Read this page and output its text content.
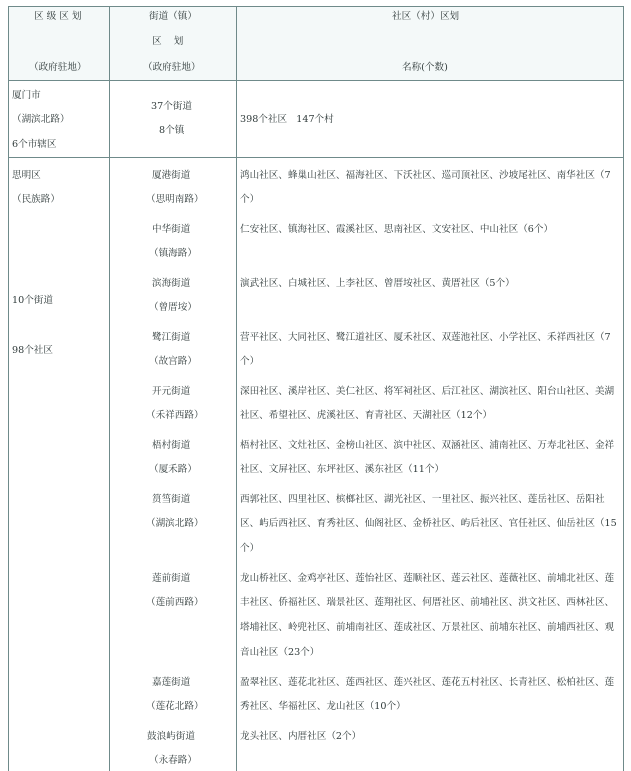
区 级 区 划
（政府驻地）
街道（镇）
区    划
（政府驻地）
社区（村）区划
名称(个数)
厦门市
（湖滨北路）
6个市辖区
37个街道
8个镇
398个社区   147个村
思明区
（民族路）
10个街道
98个社区
厦港街道
（思明南路）
鸿山社区、蜂巢山社区、福海社区、下沃社区、巡司顶社区、沙坡尾社区、南华社区（7
个）
中华街道
（镇海路）
仁安社区、镇海社区、霞溪社区、思南社区、文安社区、中山社区（6个）
滨海街道
（曾厝垵）
演武社区、白城社区、上李社区、曾厝垵社区、黄厝社区（5个）
鹭江街道
（故宫路）
营平社区、大同社区、鹭江道社区、厦禾社区、双莲池社区、小学社区、禾祥西社区（7
个）
开元街道
（禾祥西路）
深田社区、溪岸社区、美仁社区、将军祠社区、后江社区、湖滨社区、阳台山社区、美湖
社区、希望社区、虎溪社区、育青社区、天湖社区（12个）
梧村街道
（厦禾路）
梧村社区、文灶社区、金榜山社区、滨中社区、双涵社区、浦南社区、万寿北社区、金祥
社区、文屏社区、东坪社区、溪东社区（11个）
筼筜街道
（湖滨北路）
西郭社区、四里社区、槟榔社区、湖光社区、一里社区、振兴社区、莲岳社区、岳阳社
区、屿后西社区、育秀社区、仙阁社区、金桥社区、屿后社区、官任社区、仙岳社区（15
个）
莲前街道
（莲前西路）
龙山桥社区、金鸡亭社区、莲怡社区、莲顺社区、莲云社区、莲薇社区、前埔北社区、莲
丰社区、侨福社区、瑞景社区、莲翔社区、何厝社区、前埔社区、洪文社区、西林社区、
塔埔社区、岭兜社区、前埔南社区、莲成社区、万景社区、前埔东社区、前埔西社区、观
音山社区（23个）
嘉莲街道
（莲花北路）
盈翠社区、莲花北社区、莲西社区、莲兴社区、莲花五村社区、长青社区、松柏社区、莲
秀社区、华福社区、龙山社区（10个）
鼓浪屿街道
（永春路）
龙头社区、内厝社区（2个）
